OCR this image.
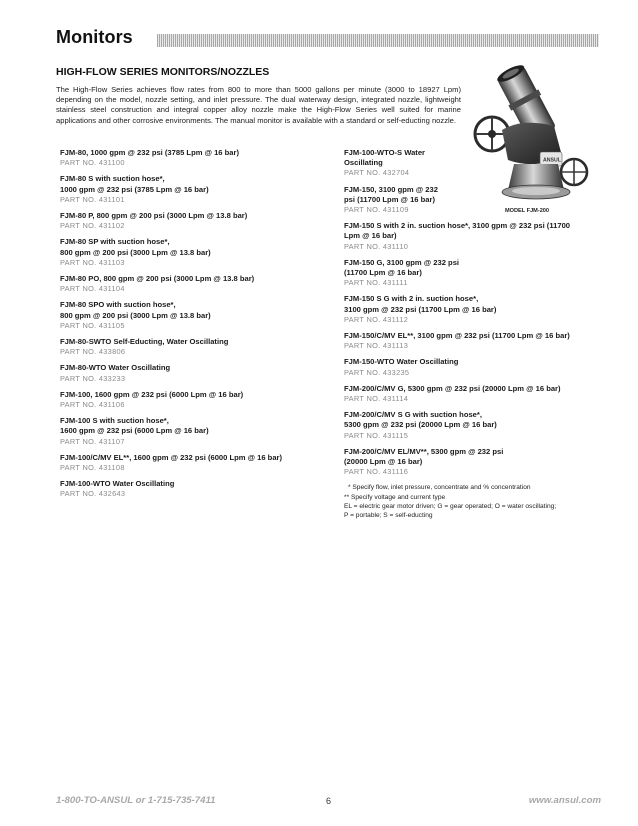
Monitors
HIGH-FLOW SERIES MONITORS/NOZZLES
The High-Flow Series achieves flow rates from 800 to more than 5000 gallons per minute (3000 to 18927 Lpm) depending on the model, nozzle setting, and inlet pressure. The dual waterway design, integrated nozzle, lightweight stainless steel construction and integral copper alloy nozzle make the High-Flow Series well suited for marine applications and other corrosive environments. The manual monitor is available with a standard or self-educting nozzle.
ANSUL
MODEL FJM-200
FJM-80, 1000 gpm @ 232 psi (3785 Lpm @ 16 bar)
PART NO. 431100
FJM-80 S with suction hose*,
1000 gpm @ 232 psi (3785 Lpm @ 16 bar)
PART NO. 431101
FJM-80 P, 800 gpm @ 200 psi (3000 Lpm @ 13.8 bar)
PART NO. 431102
FJM-80 SP with suction hose*,
800 gpm @ 200 psi (3000 Lpm @ 13.8 bar)
PART NO. 431103
FJM-80 PO, 800 gpm @ 200 psi (3000 Lpm @ 13.8 bar)
PART NO. 431104
FJM-80 SPO with suction hose*,
800 gpm @ 200 psi (3000 Lpm @ 13.8 bar)
PART NO. 431105
FJM-80-SWTO Self-Educting, Water Oscillating
PART NO. 433806
FJM-80-WTO Water Oscillating
PART NO. 433233
FJM-100, 1600 gpm @ 232 psi (6000 Lpm @ 16 bar)
PART NO. 431106
FJM-100 S with suction hose*,
1600 gpm @ 232 psi (6000 Lpm @ 16 bar)
PART NO. 431107
FJM-100/C/MV EL**, 1600 gpm @ 232 psi (6000 Lpm @ 16 bar)
PART NO. 431108
FJM-100-WTO Water Oscillating
PART NO. 432643
FJM-100-WTO-S Water
Oscillating
PART NO. 432704
FJM-150, 3100 gpm @ 232
psi (11700 Lpm @ 16 bar)
PART NO. 431109
FJM-150 S with 2 in. suction hose*, 3100 gpm @ 232 psi (11700
Lpm @ 16 bar)
PART NO. 431110
FJM-150 G, 3100 gpm @ 232 psi
(11700 Lpm @ 16 bar)
PART NO. 431111
FJM-150 S G with 2 in. suction hose*,
3100 gpm @ 232 psi (11700 Lpm @ 16 bar)
PART NO. 431112
FJM-150/C/MV EL**, 3100 gpm @ 232 psi (11700 Lpm @ 16 bar)
PART NO. 431113
FJM-150-WTO Water Oscillating
PART NO. 433235
FJM-200/C/MV G, 5300 gpm @ 232 psi (20000 Lpm @ 16 bar)
PART NO. 431114
FJM-200/C/MV S G with suction hose*,
5300 gpm @ 232 psi (20000 Lpm @ 16 bar)
PART NO. 431115
FJM-200/C/MV EL/MV**, 5300 gpm @ 232 psi
(20000 Lpm @ 16 bar)
PART NO. 431116
* Specify flow, inlet pressure, concentrate and % concentration
** Specify voltage and current type
EL = electric gear motor driven; G = gear operated; O = water oscillating;
P = portable; S = self-educting
1-800-TO-ANSUL or 1-715-735-7411	6	www.ansul.com
